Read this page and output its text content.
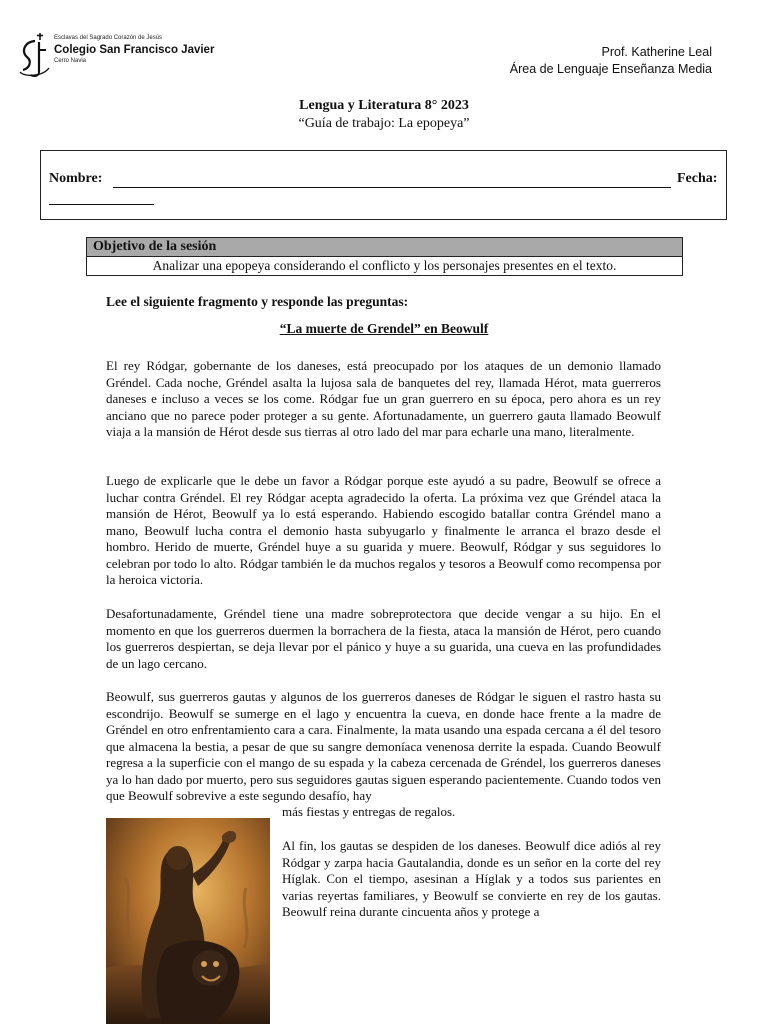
Esclavas del Sagrado Corazón de Jesús
Colegio San Francisco Javier
Cerro Navia
Prof. Katherine Leal
Área de Lenguaje Enseñanza Media
Lengua y Literatura 8° 2023
“Guía de trabajo: La epopeya”
Nombre:	Fecha:
Objetivo de la sesión
Analizar una epopeya considerando el conflicto y los personajes presentes en el texto.
Lee el siguiente fragmento y responde las preguntas:
“La muerte de Grendel” en Beowulf
El rey Ródgar, gobernante de los daneses, está preocupado por los ataques de un demonio llamado Gréndel. Cada noche, Gréndel asalta la lujosa sala de banquetes del rey, llamada Hérot, mata guerreros daneses e incluso a veces se los come. Ródgar fue un gran guerrero en su época, pero ahora es un rey anciano que no parece poder proteger a su gente. Afortunadamente, un guerrero gauta llamado Beowulf viaja a la mansión de Hérot desde sus tierras al otro lado del mar para echarle una mano, literalmente.
Luego de explicarle que le debe un favor a Ródgar porque este ayudó a su padre, Beowulf se ofrece a luchar contra Gréndel. El rey Ródgar acepta agradecido la oferta. La próxima vez que Gréndel ataca la mansión de Hérot, Beowulf ya lo está esperando. Habiendo escogido batallar contra Gréndel mano a mano, Beowulf lucha contra el demonio hasta subyugarlo y finalmente le arranca el brazo desde el hombro. Herido de muerte, Gréndel huye a su guarida y muere. Beowulf, Ródgar y sus seguidores lo celebran por todo lo alto. Ródgar también le da muchos regalos y tesoros a Beowulf como recompensa por la heroica victoria.
Desafortunadamente, Gréndel tiene una madre sobreprotectora que decide vengar a su hijo. En el momento en que los guerreros duermen la borrachera de la fiesta, ataca la mansión de Hérot, pero cuando los guerreros despiertan, se deja llevar por el pánico y huye a su guarida, una cueva en las profundidades de un lago cercano.
Beowulf, sus guerreros gautas y algunos de los guerreros daneses de Ródgar le siguen el rastro hasta su escondrijo. Beowulf se sumerge en el lago y encuentra la cueva, en donde hace frente a la madre de Gréndel en otro enfrentamiento cara a cara. Finalmente, la mata usando una espada cercana a él del tesoro que almacena la bestia, a pesar de que su sangre demoníaca venenosa derrite la espada. Cuando Beowulf regresa a la superficie con el mango de su espada y la cabeza cercenada de Gréndel, los guerreros daneses ya lo han dado por muerto, pero sus seguidores gautas siguen esperando pacientemente. Cuando todos ven que Beowulf sobrevive a este segundo desafío, hay
más fiestas y entregas de regalos.
Al fin, los gautas se despiden de los daneses. Beowulf dice adiós al rey Ródgar y zarpa hacia Gautalandia, donde es un señor en la corte del rey Híglak. Con el tiempo, asesinan a Híglak y a todos sus parientes en varias reyertas familiares, y Beowulf se convierte en rey de los gautas. Beowulf reina durante cincuenta años y protege a
